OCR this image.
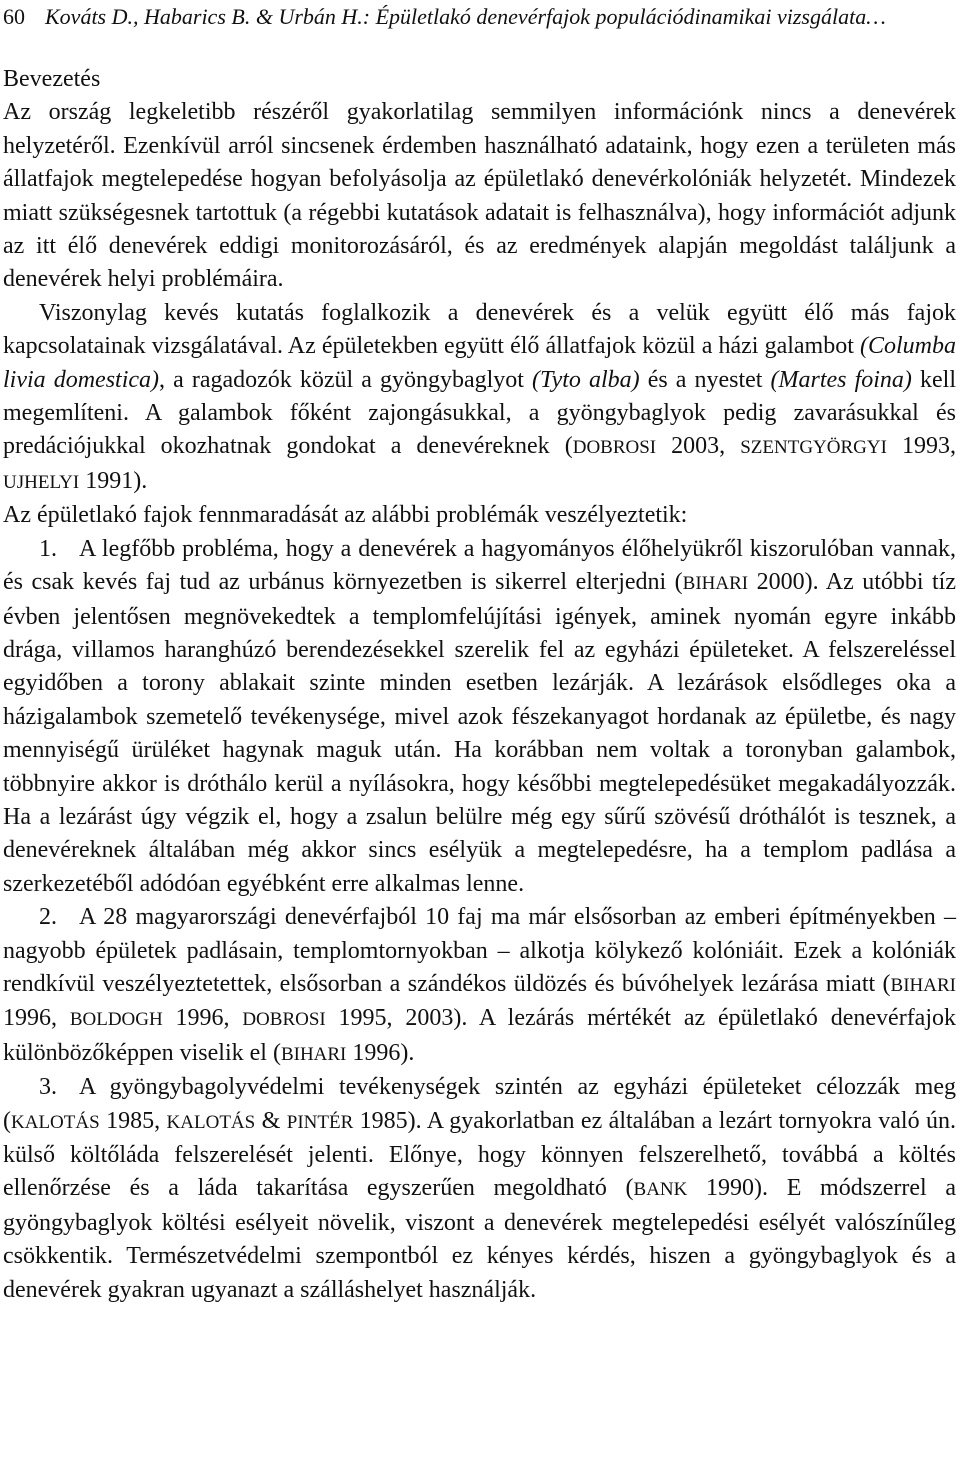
60 Kováts D., Habarics B. & Urbán H.: Épületlakó denevérfajok populációdinamikai vizsgálata…
Bevezetés

Az ország legkeletibb részéről gyakorlatilag semmilyen információnk nincs a denevérek helyzetéről. Ezenkívül arról sincsenek érdemben használható adataink, hogy ezen a területen más állatfajok megtelepedése hogyan befolyásolja az épületlakó denevérkolóniák helyzetét. Mindezek miatt szükségesnek tartottuk (a régebbi kutatások adatait is felhasználva), hogy információt adjunk az itt élő denevérek eddigi monitorozásáról, és az eredmények alapján megoldást találjunk a denevérek helyi problémáira.

Viszonylag kevés kutatás foglalkozik a denevérek és a velük együtt élő más fajok kapcsolatainak vizsgálatával. Az épületekben együtt élő állatfajok közül a házi galambot (Columba livia domestica), a ragadozók közül a gyöngybaglyot (Tyto alba) és a nyestet (Martes foina) kell megemlíteni. A galambok főként zajongásukkal, a gyöngybaglyok pedig zavarásukkal és predációjukkal okozhatnak gondokat a denevéreknek (DOBROSI 2003, SZENTGYÖRGYI 1993, UJHELYI 1991).

Az épületlakó fajok fennmaradását az alábbi problémák veszélyeztetik:

1. A legfőbb probléma, hogy a denevérek a hagyományos élőhelyükről kiszorulóban vannak, és csak kevés faj tud az urbánus környezetben is sikerrel elterjedni (BIHARI 2000). Az utóbbi tíz évben jelentősen megnövekedtek a templomfelújítási igények, aminek nyomán egyre inkább drága, villamos haranghúzó berendezésekkel szerelik fel az egyházi épületeket. A felszereléssel egyidőben a torony ablakait szinte minden esetben lezárják. A lezárások elsődleges oka a házigalambok szemetelő tevékenysége, mivel azok fészekanyagot hordanak az épületbe, és nagy mennyiségű ürüléket hagynak maguk után. Ha korábban nem voltak a toronyban galambok, többnyire akkor is dróthálo kerül a nyílásokra, hogy későbbi megtelepedésüket megakadályozzák. Ha a lezárást úgy végzik el, hogy a zsalun belülre még egy sűrű szövésű dróthálót is tesznek, a denevéreknek általában még akkor sincs esélyük a megtelepedésre, ha a templom padlása a szerkezetéből adódóan egyébként erre alkalmas lenne.

2. A 28 magyarországi denevérfajból 10 faj ma már elsősorban az emberi építményekben – nagyobb épületek padlásain, templomtornyokban – alkotja kölykező kolóniáit. Ezek a kolóniák rendkívül veszélyeztetettek, elsősorban a szándékos üldözés és búvóhelyek lezárása miatt (BIHARI 1996, BOLDOGH 1996, DOBROSI 1995, 2003). A lezárás mértékét az épületlakó denevérfajok különbözőképpen viselik el (BIHARI 1996).

3. A gyöngybagolyvédelmi tevékenységek szintén az egyházi épületeket célozzák meg (KALOTÁS 1985, KALOTÁS & PINTÉR 1985). A gyakorlatban ez általában a lezárt tornyokra való ún. külső költőláda felszerelését jelenti. Előnye, hogy könnyen felszerelhető, továbbá a költés ellenőrzése és a láda takarítása egyszerűen megoldható (BANK 1990). E módszerrel a gyöngybaglyok költési esélyeit növelik, viszont a denevérek megtelepedési esélyét valószínűleg csökkentik. Természetvédelmi szempontból ez kényes kérdés, hiszen a gyöngybaglyok és a denevérek gyakran ugyanazt a szálláshelyet használják.
